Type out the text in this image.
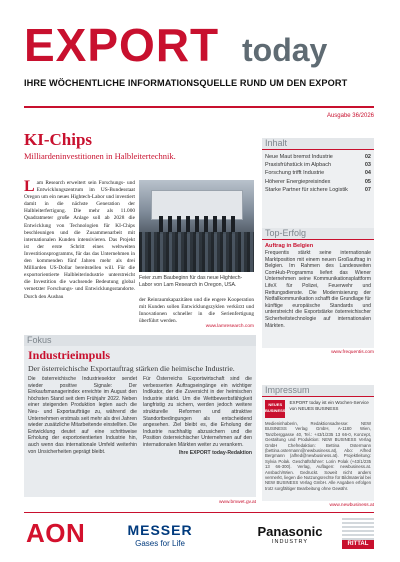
EXPORT today
IHRE WÖCHENTLICHE INFORMATIONSQUELLE RUND UM DEN EXPORT
Ausgabe 36/2026
KI-Chips
Milliardeninvestitionen in Halbleitertechnik.
Lam Research erweitert sein Forschungs- und Entwicklungszentrum im US-Bundesstaat Oregon um ein neues Hightech-Labor und investiert damit in die nächste Generation der Halbleiterfertigung. Die mehr als 11.000 Quadratmeter große Anlage soll ab 2028 die Entwicklung von Technologien für KI-Chips beschleunigen und die Zusammenarbeit mit internationalen Kunden intensivieren. Das Projekt ist der erste Schritt eines weltweiten Investitionsprogramms, für das das Unternehmen in den kommenden fünf Jahren mehr als drei Milliarden US-Dollar bereitstellen will. Für die exportorientierte Halbleiterindustrie unterstreicht die Investition die wachsende Bedeutung global vernetzter Forschungs- und Entwicklungsstandorte. Durch den Ausbau
Feier zum Baubeginn für das neue Hightech-Labor von Lam Research in Oregon, USA.
der Reinraumkapazitäten und die engere Kooperation mit Kunden sollen Entwicklungszyklen verkürzt und Innovationen schneller in die Serienfertigung überführt werden.
www.lamresearch.com
Inhalt
Neue Maut bremst Industrie	02
Praxisfrühstück im Alpbach	03
Forschung trifft Industrie	04
Höherer Energiepreisindex	05
Starke Partner für sichere Logistik	07
Top-Erfolg
Auftrag in Belgien
Frequentis stärkt seine internationale Marktposition mit einem neuen Großauftrag in Belgien. Im Rahmen des Landesweiten ComHub-Programms liefert das Wiener Unternehmen seine Kommunikationsplattform LifeX für Polizei, Feuerwehr und Rettungsdienste. Die Modernisierung der Notfallkommunikation schafft die Grundlage für künftige europäische Standards und unterstreicht die Exportstärke österreichischer Sicherheitstechnologie auf internationalen Märkten.
www.frequentis.com
Fokus
Industrieimpuls
Der österreichische Exportauftrag stärken die heimische Industrie.
Die österreichische Industriesektor sendet wieder positive Signale: Der Einkaufsmanagerindex erreichte im August den höchsten Stand seit dem Frühjahr 2022. Neben einer steigenden Produktion legten auch die Neu- und Exportaufträge zu, während die Unternehmen erstmals seit mehr als drei Jahren wieder zusätzliche Mitarbeitende einstellten. Die Entwicklung deutet auf eine schrittweise Erholung der exportorientierten Industrie hin, auch wenn das internationale Umfeld weiterhin von Unsicherheiten geprägt bleibt.
Für Österreichs Exportwirtschaft sind die verbesserten Auftragseingänge ein wichtiger Indikator, der die Zuversicht in der heimischen Industrie stärkt. Um die Wettbewerbsfähigkeit langfristig zu sichern, werden jedoch weitere strukturelle Reformen und attraktive Standortbedingungen als entscheidend angesehen. Ziel bleibt es, die Erholung der Industrie nachhaltig abzusichern und die Position österreichischer Unternehmen auf den internationalen Märkten weiter zu verankern.
Ihre EXPORT today-Redaktion
www.bmwet.gv.at
Impressum
NEUES BUSINESS
EXPORT today ist ein Wochen-Service von NEUES BUSINESS
Medieninhaberin, Redaktionsadresse: NEW BUSINESS Verlag GmbH, A-1180 Wien, Tanzberggasse 40, Tel.: +43/1/235 13 66-0, Konzept, Gestaltung und Produktion: NEW BUSINESS Verlag GmbH Chefredaktion: Bettina Ostermann (bettina.ostermann@newbusiness.at), Abo: Alfred Bergmann (alfred@newbusiness.at). Projektleitung: Sylvia Polak. Geschäftsführer: Lorin Polak (+43/1/235 13 66-300). Verlag, Auflagen: newbusiness.at. Ansbach/Wien. Gedruckt. Soweit nicht anders vermerkt, liegen die Nutzungsrechte für Bildmaterial bei NEW BUSINESS Verlag GmbH. Alle Angaben erfolgen trotz sorgfältiger Bearbeitung ohne Gewähr.
www.newbusiness.at
AON	MESSER
Gases for Life
Panasonic
INDUSTRY	RITTAL
